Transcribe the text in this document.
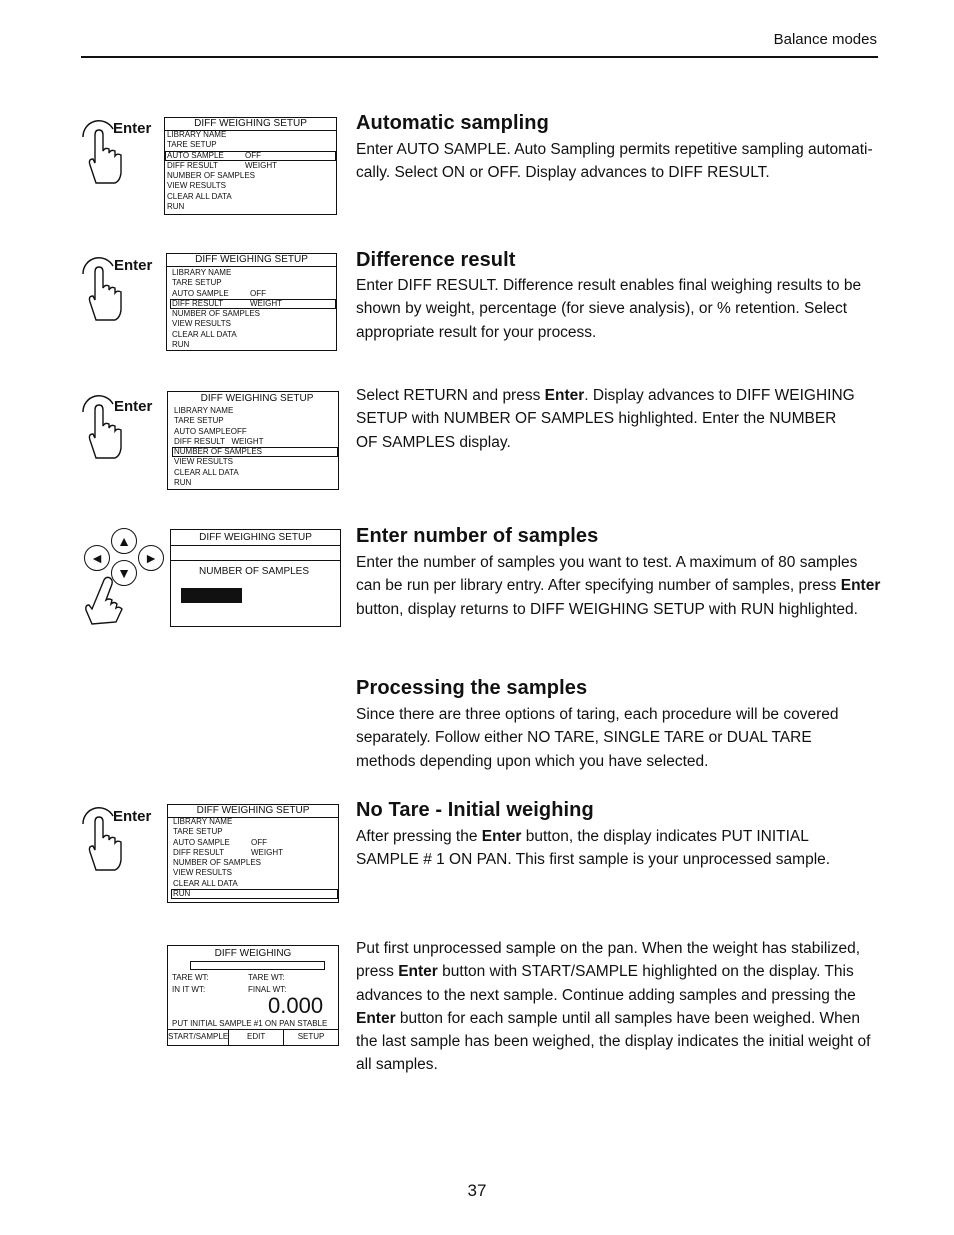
Balance modes
Enter	DIFF WEIGHING SETUP
LIBRARY NAME
TARE SETUP
AUTO SAMPLE	OFF
DIFF RESULT	WEIGHT
NUMBER OF SAMPLES
VIEW RESULTS
CLEAR ALL DATA
RUN
Automatic sampling

Enter AUTO SAMPLE. Auto Sampling permits repetitive sampling automati-
cally. Select ON or OFF. Display advances to DIFF RESULT.

Enter	DIFF WEIGHING SETUP
LIBRARY NAME
TARE SETUP
AUTO SAMPLE	OFF
DIFF RESULT	WEIGHT
NUMBER OF SAMPLES
VIEW RESULTS
CLEAR ALL DATA
RUN
Difference result

Enter DIFF RESULT. Difference result enables final weighing results to be shown by weight, percentage (for sieve analysis), or % retention. Select appropriate result for your process.

Enter	DIFF WEIGHING SETUP
LIBRARY NAME
TARE SETUP
AUTO SAMPLEOFF
DIFF RESULT   WEIGHT
NUMBER OF SAMPLES
VIEW RESULTS
CLEAR ALL DATA
RUN

Select RETURN and press Enter. Display advances to DIFF WEIGHING SETUP with NUMBER OF SAMPLES highlighted. Enter the NUMBER OF SAMPLES display.

▲
◄	►
▼
DIFF WEIGHING SETUP
NUMBER OF SAMPLES
Enter number of samples

Enter the number of samples you want to test. A maximum of 80 samples can be run per library entry. After specifying number of samples, press Enter button, display returns to DIFF WEIGHING SETUP with RUN highlighted.

Processing the samples

Since there are three options of taring, each procedure will be covered separately. Follow either NO TARE, SINGLE TARE or DUAL TARE methods depending upon which you have selected.

Enter	DIFF WEIGHING SETUP
LIBRARY NAME
TARE SETUP
AUTO SAMPLE	OFF
DIFF RESULT	WEIGHT
NUMBER OF SAMPLES
VIEW RESULTS
CLEAR ALL DATA
RUN
No Tare - Initial weighing

After pressing the Enter button, the display indicates PUT INITIAL SAMPLE # 1 ON PAN. This first sample is your unprocessed sample.

DIFF WEIGHING
TARE WT:	TARE WT:
IN IT WT:	FINAL WT:
0.000
PUT INITIAL SAMPLE #1 ON PAN STABLE
START/SAMPLE	EDIT	SETUP

Put first unprocessed sample on the pan. When the weight has stabilized, press Enter button with START/SAMPLE highlighted on the display. This advances to the next sample. Continue adding samples and pressing the Enter button for each sample until all samples have been weighed. When the last sample has been weighed, the display indicates the initial weight of all samples.

37
